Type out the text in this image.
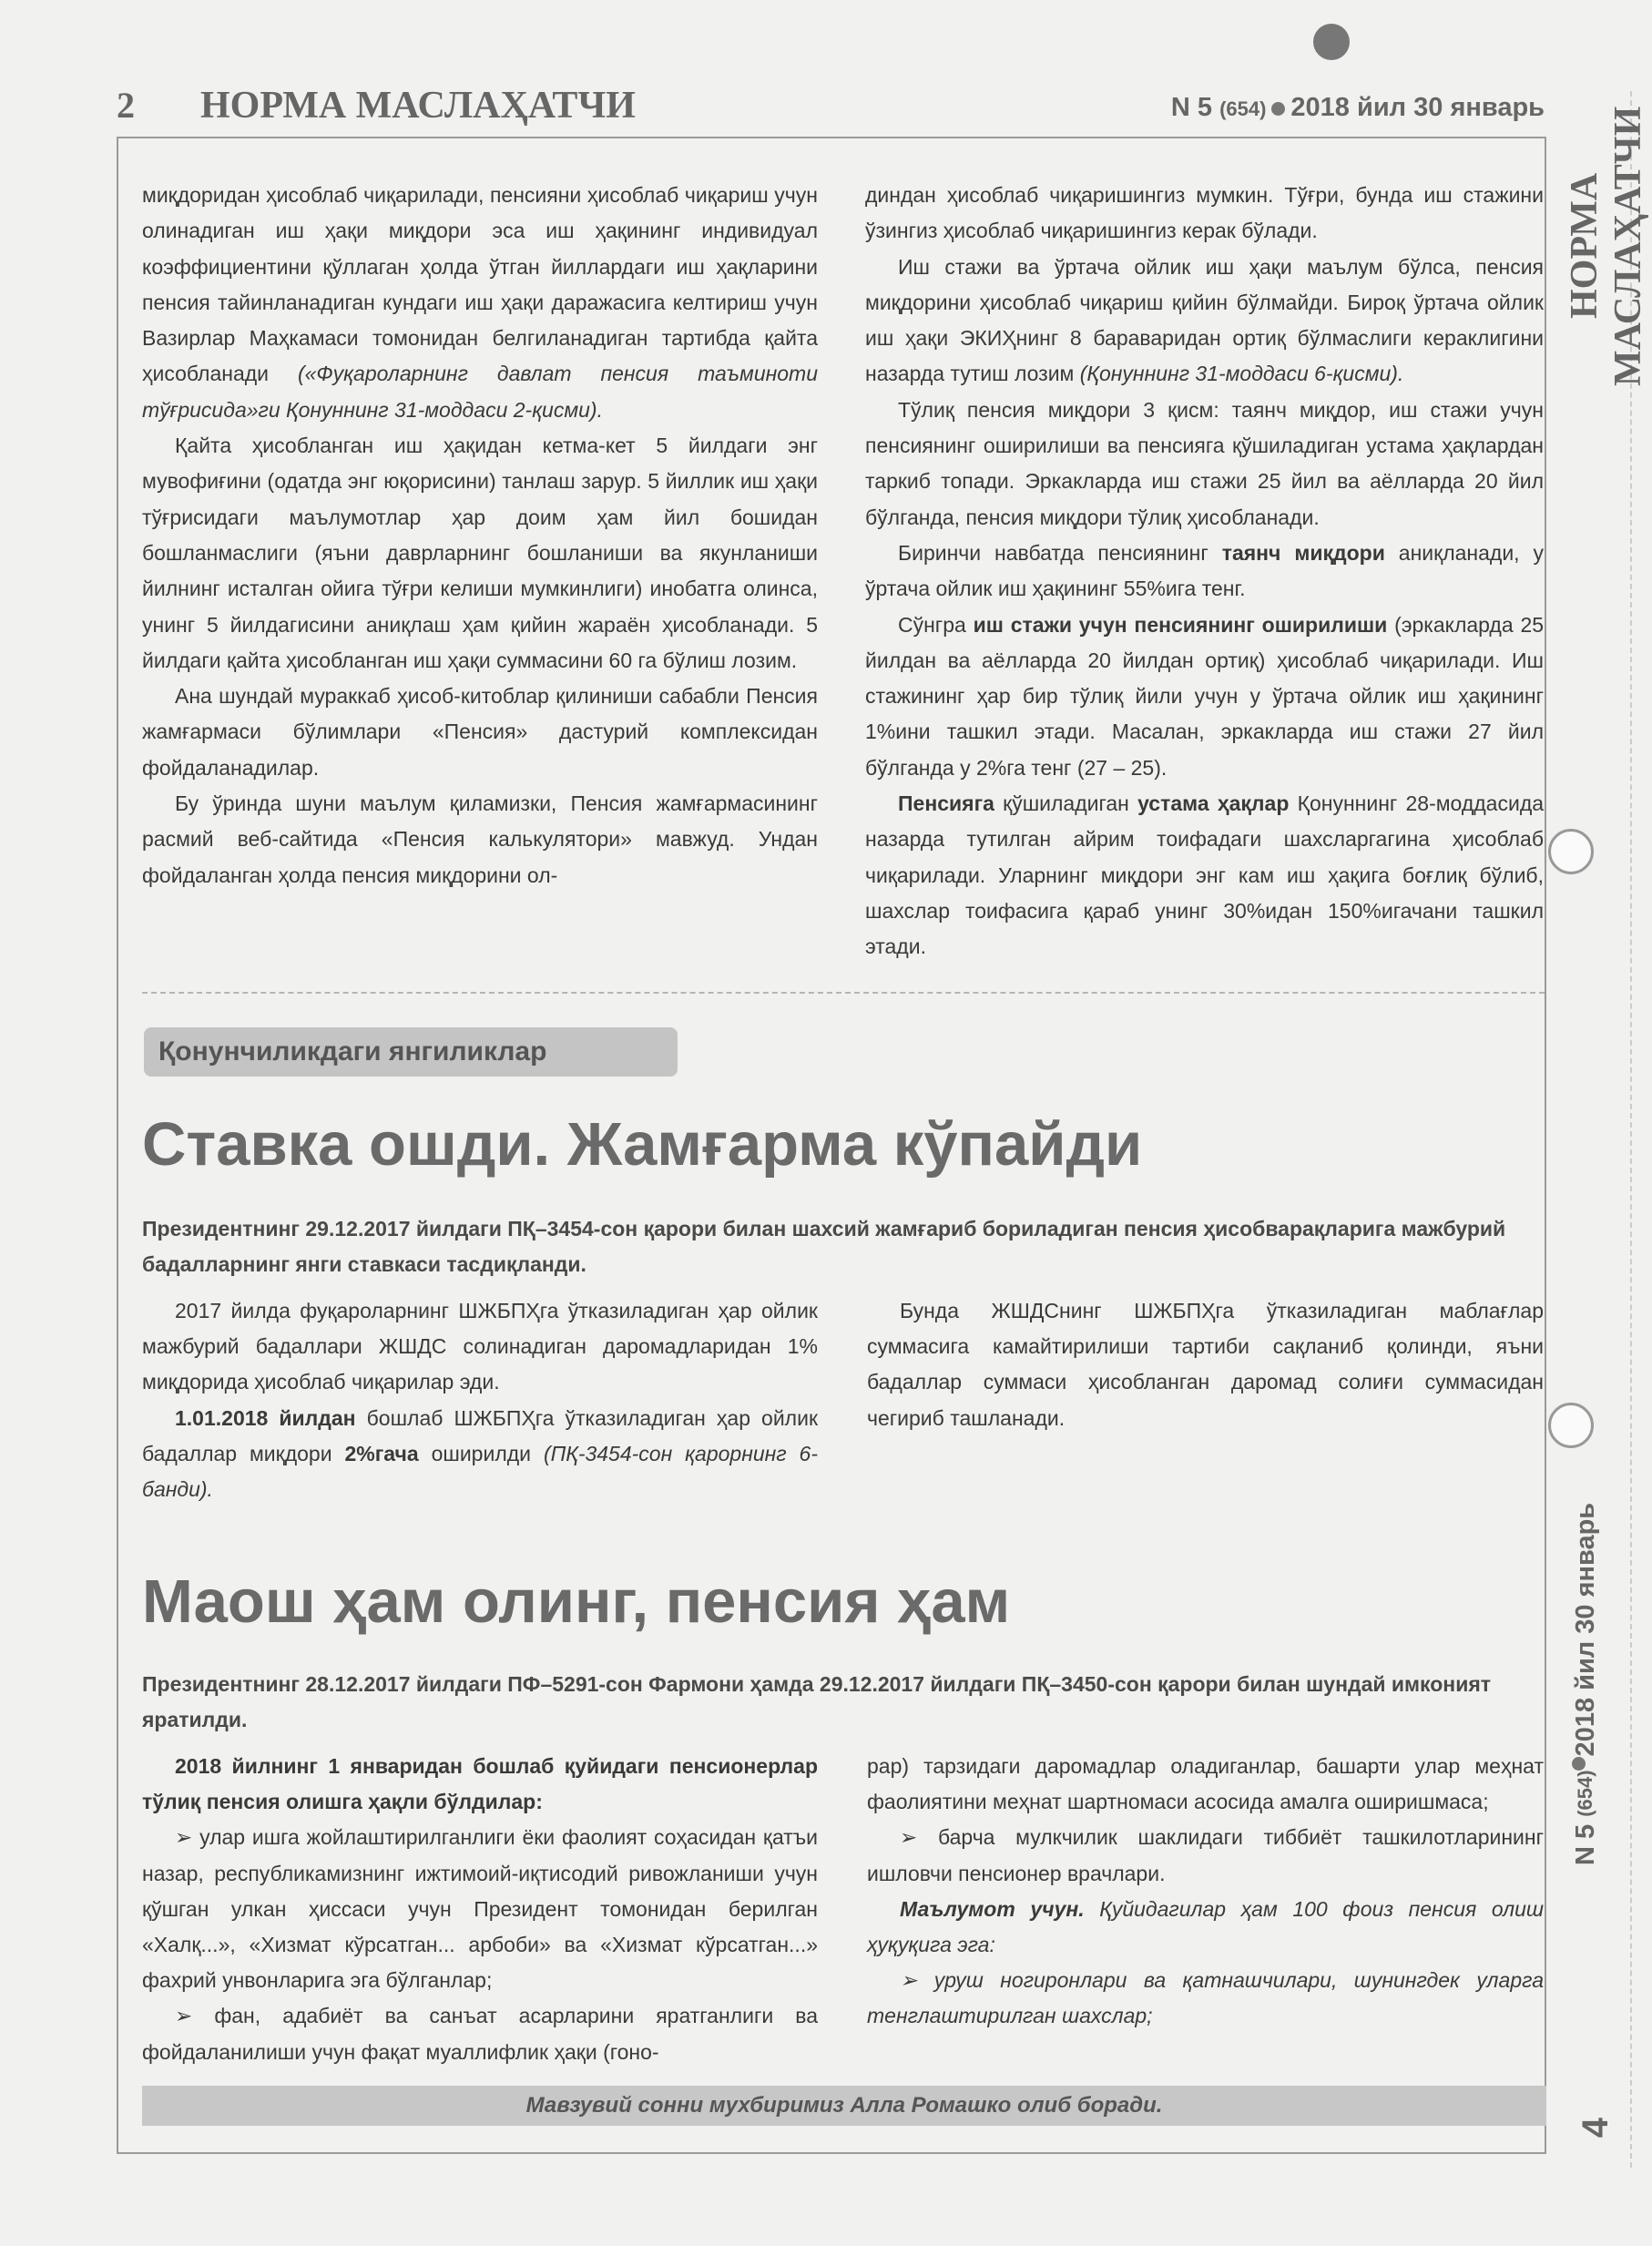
2 НОРМА МАСЛАҲАТЧИ	N 5 (654) 2018 йил 30 январь
НОРМА МАСЛАҲАТЧИ
N 5 (654)2018 йил 30 январь
4

миқдоридан ҳисоблаб чиқарилади, пенсияни ҳисоблаб чиқариш учун олинадиган иш ҳақи миқдори эса иш ҳақининг индивидуал коэффициентини қўллаган ҳолда ўтган йиллардаги иш ҳақларини пенсия тайинланадиган кундаги иш ҳақи даражасига келтириш учун Вазирлар Маҳкамаси томонидан белгиланадиган тартибда қайта ҳисобланади («Фуқароларнинг давлат пенсия таъминоти тўғрисида»ги Қонуннинг 31-моддаси 2-қисми).

Қайта ҳисобланган иш ҳақидан кетма-кет 5 йилдаги энг мувофиғини (одатда энг юқорисини) танлаш зарур. 5 йиллик иш ҳақи тўғрисидаги маълумотлар ҳар доим ҳам йил бошидан бошланмаслиги (яъни даврларнинг бошланиши ва якунланиши йилнинг исталган ойига тўғри келиши мумкинлиги) инобатга олинса, унинг 5 йилдагисини аниқлаш ҳам қийин жараён ҳисобланади. 5 йилдаги қайта ҳисобланган иш ҳақи суммасини 60 га бўлиш лозим.

Ана шундай мураккаб ҳисоб-китоблар қилиниши сабабли Пенсия жамғармаси бўлимлари «Пенсия» дастурий комплексидан фойдаланадилар.

Бу ўринда шуни маълум қиламизки, Пенсия жамғармасининг расмий веб-сайтида «Пенсия калькулятори» мавжуд. Ундан фойдаланган ҳолда пенсия миқдорини ол-

диндан ҳисоблаб чиқаришингиз мумкин. Тўғри, бунда иш стажини ўзингиз ҳисоблаб чиқаришингиз керак бўлади.

Иш стажи ва ўртача ойлик иш ҳақи маълум бўлса, пенсия миқдорини ҳисоблаб чиқариш қийин бўлмайди. Бироқ ўртача ойлик иш ҳақи ЭКИҲнинг 8 бараваридан ортиқ бўлмаслиги кераклигини назарда тутиш лозим (Қонуннинг 31-моддаси 6-қисми).

Тўлиқ пенсия миқдори 3 қисм: таянч миқдор, иш стажи учун пенсиянинг оширилиши ва пенсияга қўшиладиган устама ҳақлардан таркиб топади. Эркакларда иш стажи 25 йил ва аёлларда 20 йил бўлганда, пенсия миқдори тўлиқ ҳисобланади.

Биринчи навбатда пенсиянинг таянч миқдори аниқланади, у ўртача ойлик иш ҳақининг 55%ига тенг.

Сўнгра иш стажи учун пенсиянинг оширилиши (эркакларда 25 йилдан ва аёлларда 20 йилдан ортиқ) ҳисоблаб чиқарилади. Иш стажининг ҳар бир тўлиқ йили учун у ўртача ойлик иш ҳақининг 1%ини ташкил этади. Масалан, эркакларда иш стажи 27 йил бўлганда у 2%га тенг (27 – 25).

Пенсияга қўшиладиган устама ҳақлар Қонуннинг 28-моддасида назарда тутилган айрим тоифадаги шахсларгагина ҳисоблаб чиқарилади. Уларнинг миқдори энг кам иш ҳақига боғлиқ бўлиб, шахслар тоифасига қараб унинг 30%идан 150%игачани ташкил этади.

Қонунчиликдаги янгиликлар
Ставка ошди. Жамғарма кўпайди
Президентнинг 29.12.2017 йилдаги ПҚ–3454-сон қарори билан шахсий жамғариб бориладиган пенсия ҳисобварақларига мажбурий бадалларнинг янги ставкаси тасдиқланди.

2017 йилда фуқароларнинг ШЖБПҲга ўтказиладиган ҳар ойлик мажбурий бадаллари ЖШДС солинадиган даромадларидан 1% миқдорида ҳисоблаб чиқарилар эди.

1.01.2018 йилдан бошлаб ШЖБПҲга ўтказиладиган ҳар ойлик бадаллар миқдори 2%гача оширилди (ПҚ-3454-сон қарорнинг 6-банди).

Бунда ЖШДСнинг ШЖБПҲга ўтказиладиган маблағлар суммасига камайтирилиши тартиби сақланиб қолинди, яъни бадаллар суммаси ҳисобланган даромад солиғи суммасидан чегириб ташланади.

Маош ҳам олинг, пенсия ҳам
Президентнинг 28.12.2017 йилдаги ПФ–5291-сон Фармони ҳамда 29.12.2017 йилдаги ПҚ–3450-сон қарори билан шундай имконият яратилди.

2018 йилнинг 1 январидан бошлаб қуйидаги пенсионерлар тўлиқ пенсия олишга ҳақли бўлдилар:

➢ улар ишга жойлаштирилганлиги ёки фаолият соҳасидан қатъи назар, республикамизнинг ижтимоий-иқтисодий ривожланиши учун қўшган улкан ҳиссаси учун Президент томонидан берилган «Халқ...», «Хизмат кўрсатган... арбоби» ва «Хизмат кўрсатган...» фахрий унвонларига эга бўлганлар;

➢ фан, адабиёт ва санъат асарларини яратганлиги ва фойдаланилиши учун фақат муаллифлик ҳақи (гоно-

рар) тарзидаги даромадлар оладиганлар, башарти улар меҳнат фаолиятини меҳнат шартномаси асосида амалга оширишмаса;

➢ барча мулкчилик шаклидаги тиббиёт ташкилотларининг ишловчи пенсионер врачлари.

Маълумот учун. Қуйидагилар ҳам 100 фоиз пенсия олиш ҳуқуқига эга:

➢ уруш ногиронлари ва қатнашчилари, шунингдек уларга тенглаштирилган шахслар;

Мавзувий сонни мухбиримиз Алла Ромашко олиб боради.
